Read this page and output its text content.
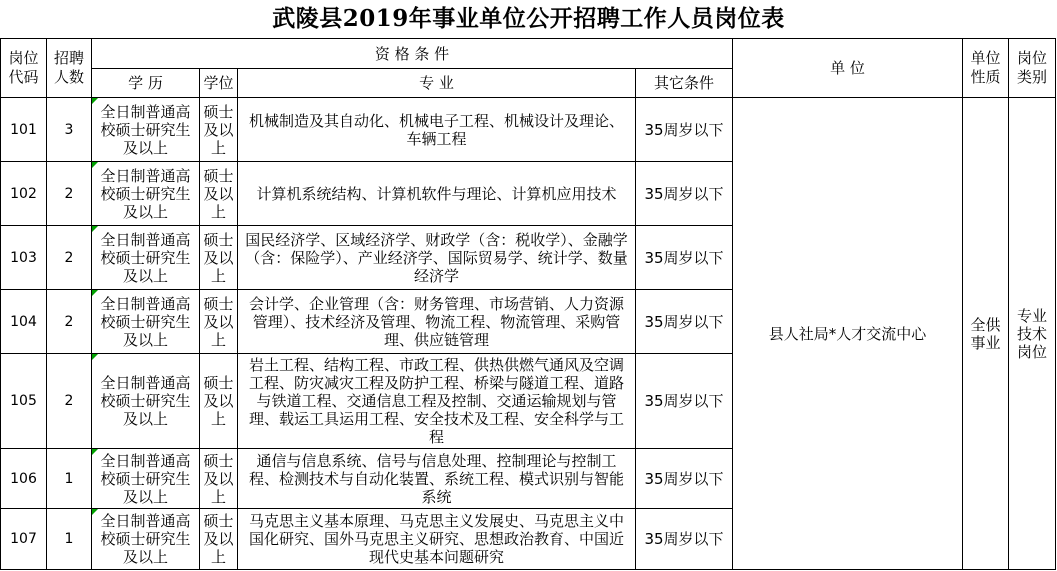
武陵县2019年事业单位公开招聘工作人员岗位表
岗位代码	招聘人数	资 格 条 件				单 位	单位性质	岗位类别
		学 历	学位	专 业	其它条件			
101	3	全日制普通高校硕士研究生及以上	硕士及以上	机械制造及其自动化、机械电子工程、机械设计及理论、车辆工程	35周岁以下	县人社局*人才交流中心	全供事业	专业技术岗位
102	2	全日制普通高校硕士研究生及以上	硕士及以上	计算机系统结构、计算机软件与理论、计算机应用技术	35周岁以下			
103	2	全日制普通高校硕士研究生及以上	硕士及以上	国民经济学、区域经济学、财政学（含：税收学）、金融学（含：保险学）、产业经济学、国际贸易学、统计学、数量经济学	35周岁以下			
104	2	全日制普通高校硕士研究生及以上	硕士及以上	会计学、企业管理（含：财务管理、市场营销、人力资源管理）、技术经济及管理、物流工程、物流管理、采购管理、供应链管理	35周岁以下			
105	2	全日制普通高校硕士研究生及以上	硕士及以上	岩土工程、结构工程、市政工程、供热供燃气通风及空调工程、防灾减灾工程及防护工程、桥梁与隧道工程、道路与铁道工程、交通信息工程及控制、交通运输规划与管理、载运工具运用工程、安全技术及工程、安全科学与工程	35周岁以下			
106	1	全日制普通高校硕士研究生及以上	硕士及以上	通信与信息系统、信号与信息处理、控制理论与控制工程、检测技术与自动化装置、系统工程、模式识别与智能系统	35周岁以下			
107	1	全日制普通高校硕士研究生及以上	硕士及以上	马克思主义基本原理、马克思主义发展史、马克思主义中国化研究、国外马克思主义研究、思想政治教育、中国近现代史基本问题研究	35周岁以下			
